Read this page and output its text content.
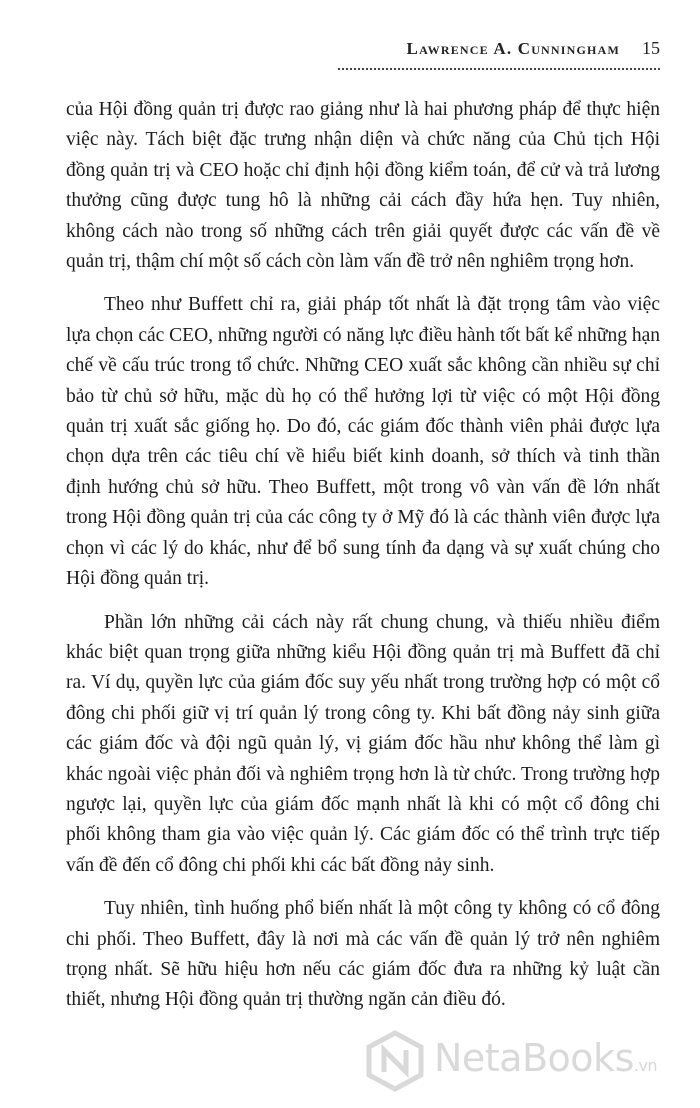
Lawrence A. Cunningham 15

của Hội đồng quản trị được rao giảng như là hai phương pháp để thực hiện việc này. Tách biệt đặc trưng nhận diện và chức năng của Chủ tịch Hội đồng quản trị và CEO hoặc chỉ định hội đồng kiểm toán, để cử và trả lương thưởng cũng được tung hô là những cải cách đầy hứa hẹn. Tuy nhiên, không cách nào trong số những cách trên giải quyết được các vấn đề về quản trị, thậm chí một số cách còn làm vấn đề trở nên nghiêm trọng hơn.

Theo như Buffett chỉ ra, giải pháp tốt nhất là đặt trọng tâm vào việc lựa chọn các CEO, những người có năng lực điều hành tốt bất kể những hạn chế về cấu trúc trong tổ chức. Những CEO xuất sắc không cần nhiều sự chỉ bảo từ chủ sở hữu, mặc dù họ có thể hưởng lợi từ việc có một Hội đồng quản trị xuất sắc giống họ. Do đó, các giám đốc thành viên phải được lựa chọn dựa trên các tiêu chí về hiểu biết kinh doanh, sở thích và tinh thần định hướng chủ sở hữu. Theo Buffett, một trong vô vàn vấn đề lớn nhất trong Hội đồng quản trị của các công ty ở Mỹ đó là các thành viên được lựa chọn vì các lý do khác, như để bổ sung tính đa dạng và sự xuất chúng cho Hội đồng quản trị.

Phần lớn những cải cách này rất chung chung, và thiếu nhiều điểm khác biệt quan trọng giữa những kiểu Hội đồng quản trị mà Buffett đã chỉ ra. Ví dụ, quyền lực của giám đốc suy yếu nhất trong trường hợp có một cổ đông chi phối giữ vị trí quản lý trong công ty. Khi bất đồng nảy sinh giữa các giám đốc và đội ngũ quản lý, vị giám đốc hầu như không thể làm gì khác ngoài việc phản đối và nghiêm trọng hơn là từ chức. Trong trường hợp ngược lại, quyền lực của giám đốc mạnh nhất là khi có một cổ đông chi phối không tham gia vào việc quản lý. Các giám đốc có thể trình trực tiếp vấn đề đến cổ đông chi phối khi các bất đồng nảy sinh.

Tuy nhiên, tình huống phổ biến nhất là một công ty không có cổ đông chi phối. Theo Buffett, đây là nơi mà các vấn đề quản lý trở nên nghiêm trọng nhất. Sẽ hữu hiệu hơn nếu các giám đốc đưa ra những kỷ luật cần thiết, nhưng Hội đồng quản trị thường ngăn cản điều đó.

NetaBooks.vn
